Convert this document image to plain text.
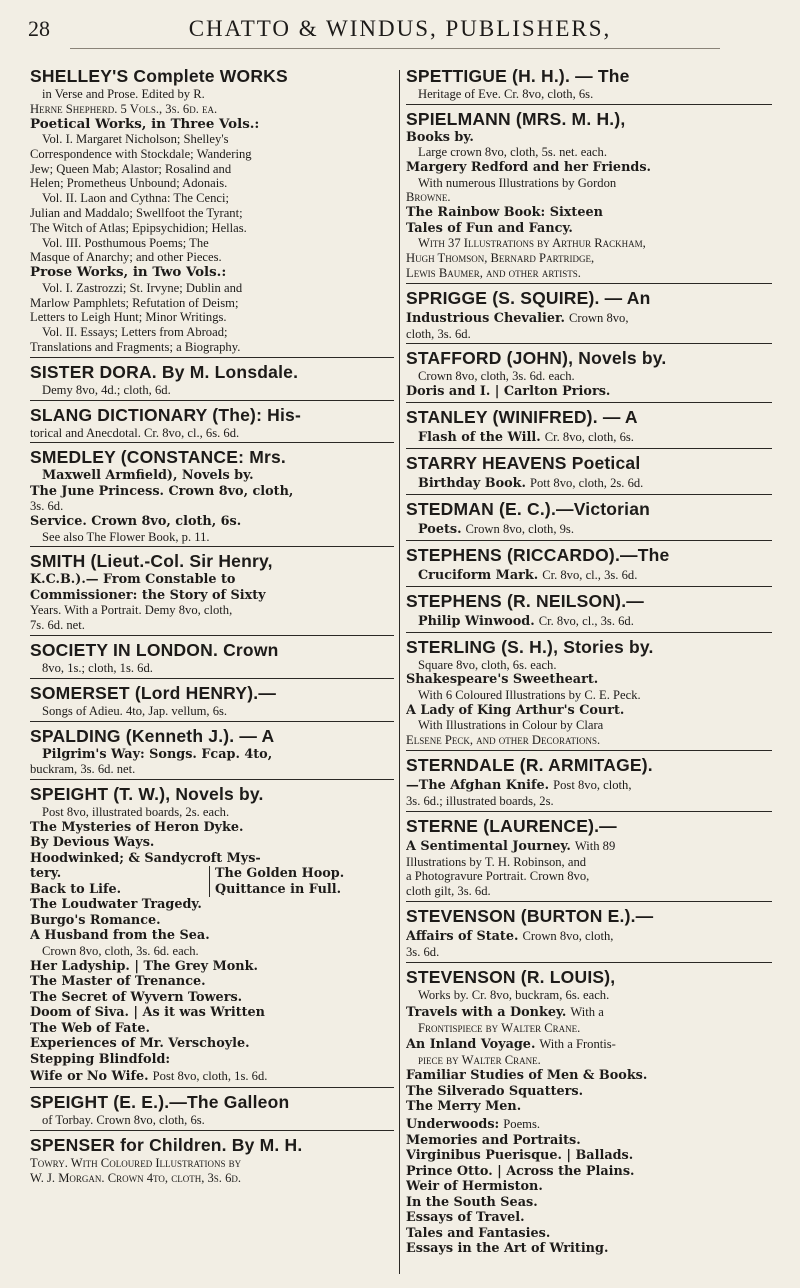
28	CHATTO & WINDUS, PUBLISHERS,
SHELLEY'S Complete WORKS
in Verse and Prose. Edited by R.
Herne Shepherd. 5 Vols., 3s. 6d. ea.
Poetical Works, in Three Vols.:
Vol. I. Margaret Nicholson; Shelley's
Correspondence with Stockdale; Wandering
Jew; Queen Mab; Alastor; Rosalind and
Helen; Prometheus Unbound; Adonais.
Vol. II. Laon and Cythna: The Cenci;
Julian and Maddalo; Swellfoot the Tyrant;
The Witch of Atlas; Epipsychidion; Hellas.
Vol. III. Posthumous Poems; The
Masque of Anarchy; and other Pieces.
Prose Works, in Two Vols.:
Vol. I. Zastrozzi; St. Irvyne; Dublin and
Marlow Pamphlets; Refutation of Deism;
Letters to Leigh Hunt; Minor Writings.
Vol. II. Essays; Letters from Abroad;
Translations and Fragments; a Biography.
SISTER DORA. By M. Lonsdale.
Demy 8vo, 4d.; cloth, 6d.
SLANG DICTIONARY (The): His-
torical and Anecdotal. Cr. 8vo, cl., 6s. 6d.
SMEDLEY (CONSTANCE: Mrs.
Maxwell Armfield), Novels by.
The June Princess. Crown 8vo, cloth,
3s. 6d.
Service. Crown 8vo, cloth, 6s.
See also The Flower Book, p. 11.
SMITH (Lieut.-Col. Sir Henry,
K.C.B.).— From Constable to
Commissioner: the Story of Sixty
Years. With a Portrait. Demy 8vo, cloth,
7s. 6d. net.
SOCIETY IN LONDON. Crown
8vo, 1s.; cloth, 1s. 6d.
SOMERSET (Lord HENRY).—
Songs of Adieu. 4to, Jap. vellum, 6s.
SPALDING (Kenneth J.). — A
Pilgrim's Way: Songs. Fcap. 4to,
buckram, 3s. 6d. net.
SPEIGHT (T. W.), Novels by.
Post 8vo, illustrated boards, 2s. each.
The Mysteries of Heron Dyke.
By Devious Ways.
Hoodwinked; & Sandycroft Mys-
tery.
Back to Life.
The Golden Hoop.
Quittance in Full.
The Loudwater Tragedy.
Burgo's Romance.
A Husband from the Sea.
Crown 8vo, cloth, 3s. 6d. each.
Her Ladyship. | The Grey Monk.
The Master of Trenance.
The Secret of Wyvern Towers.
Doom of Siva. | As it was Written
The Web of Fate.
Experiences of Mr. Verschoyle.
Stepping Blindfold:
Wife or No Wife. Post 8vo, cloth, 1s. 6d.
SPEIGHT (E. E.).—The Galleon
of Torbay. Crown 8vo, cloth, 6s.
SPENSER for Children. By M. H.
Towry. With Coloured Illustrations by
W. J. Morgan. Crown 4to, cloth, 3s. 6d.
SPETTIGUE (H. H.). — The
Heritage of Eve. Cr. 8vo, cloth, 6s.
SPIELMANN (MRS. M. H.),
Books by.
Large crown 8vo, cloth, 5s. net. each.
Margery Redford and her Friends.
With numerous Illustrations by Gordon
Browne.
The Rainbow Book: Sixteen
Tales of Fun and Fancy.
With 37 Illustrations by Arthur Rackham,
Hugh Thomson, Bernard Partridge,
Lewis Baumer, and other artists.
SPRIGGE (S. SQUIRE). — An
Industrious Chevalier. Crown 8vo,
cloth, 3s. 6d.
STAFFORD (JOHN), Novels by.
Crown 8vo, cloth, 3s. 6d. each.
Doris and I. | Carlton Priors.
STANLEY (WINIFRED). — A
Flash of the Will. Cr. 8vo, cloth, 6s.
STARRY HEAVENS Poetical
Birthday Book. Pott 8vo, cloth, 2s. 6d.
STEDMAN (E. C.).—Victorian
Poets. Crown 8vo, cloth, 9s.
STEPHENS (RICCARDO).—The
Cruciform Mark. Cr. 8vo, cl., 3s. 6d.
STEPHENS (R. NEILSON).—
Philip Winwood. Cr. 8vo, cl., 3s. 6d.
STERLING (S. H.), Stories by.
Square 8vo, cloth, 6s. each.
Shakespeare's Sweetheart.
With 6 Coloured Illustrations by C. E. Peck.
A Lady of King Arthur's Court.
With Illustrations in Colour by Clara
Elsene Peck, and other Decorations.
STERNDALE (R. ARMITAGE).
—The Afghan Knife. Post 8vo, cloth,
3s. 6d.; illustrated boards, 2s.
STERNE (LAURENCE).—
A Sentimental Journey. With 89
Illustrations by T. H. Robinson, and
a Photogravure Portrait. Crown 8vo,
cloth gilt, 3s. 6d.
STEVENSON (BURTON E.).—
Affairs of State. Crown 8vo, cloth,
3s. 6d.
STEVENSON (R. LOUIS),
Works by. Cr. 8vo, buckram, 6s. each.
Travels with a Donkey. With a
Frontispiece by Walter Crane.
An Inland Voyage. With a Frontis-
piece by Walter Crane.
Familiar Studies of Men & Books.
The Silverado Squatters.
The Merry Men.
Underwoods: Poems.
Memories and Portraits.
Virginibus Puerisque. | Ballads.
Prince Otto. | Across the Plains.
Weir of Hermiston.
In the South Seas.
Essays of Travel.
Tales and Fantasies.
Essays in the Art of Writing.
